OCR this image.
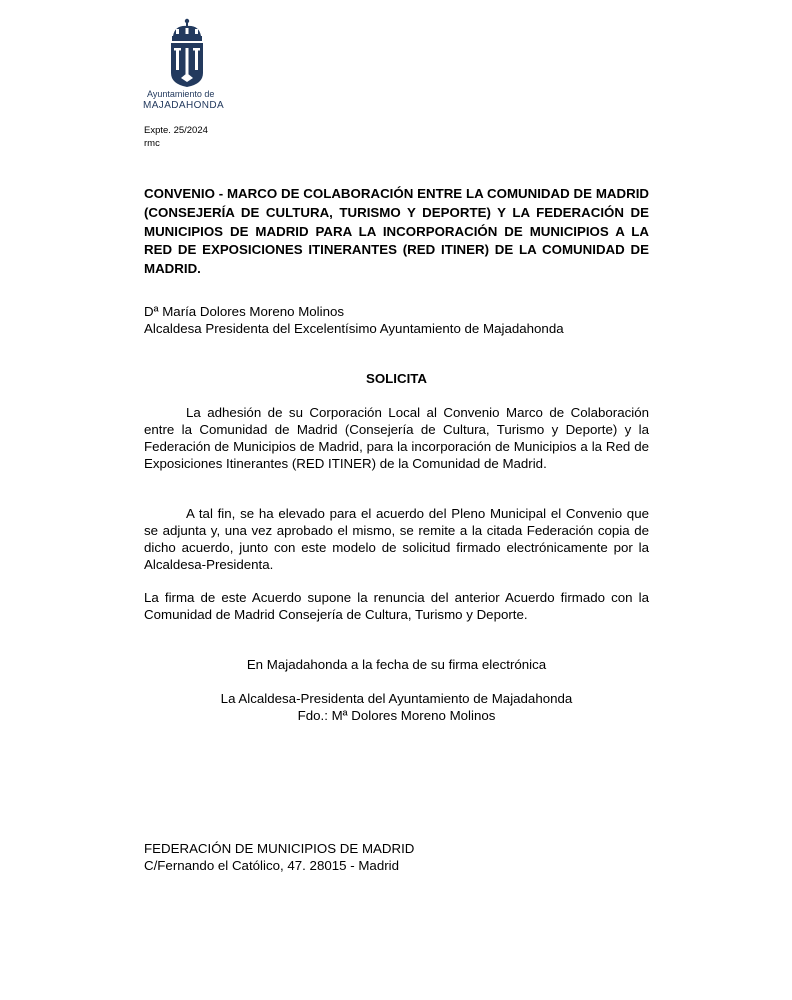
Ayuntamiento de
MAJADAHONDA
Expte. 25/2024
rmc
CONVENIO - MARCO DE COLABORACIÓN ENTRE LA COMUNIDAD DE MADRID (CONSEJERÍA DE CULTURA, TURISMO Y DEPORTE) Y LA FEDERACIÓN DE MUNICIPIOS DE MADRID PARA LA INCORPORACIÓN DE MUNICIPIOS A LA RED DE EXPOSICIONES ITINERANTES (RED ITINER) DE LA COMUNIDAD DE MADRID.
Dª María Dolores Moreno Molinos
Alcaldesa Presidenta del Excelentísimo Ayuntamiento de Majadahonda
SOLICITA
La adhesión de su Corporación Local al Convenio Marco de Colaboración entre la Comunidad de Madrid (Consejería de Cultura, Turismo y Deporte) y la Federación de Municipios de Madrid, para la incorporación de Municipios a la Red de Exposiciones Itinerantes (RED ITINER) de la Comunidad de Madrid.
A tal fin, se ha elevado para el acuerdo del Pleno Municipal el Convenio que se adjunta y, una vez aprobado el mismo, se remite a la citada Federación copia de dicho acuerdo, junto con este modelo de solicitud firmado electrónicamente por la Alcaldesa-Presidenta.
La firma de este Acuerdo supone la renuncia del anterior Acuerdo firmado con la Comunidad de Madrid Consejería de Cultura, Turismo y Deporte.
En Majadahonda a la fecha de su firma electrónica
La Alcaldesa-Presidenta del Ayuntamiento de Majadahonda
Fdo.: Mª Dolores Moreno Molinos
FEDERACIÓN DE MUNICIPIOS DE MADRID
C/Fernando el Católico, 47. 28015 - Madrid
